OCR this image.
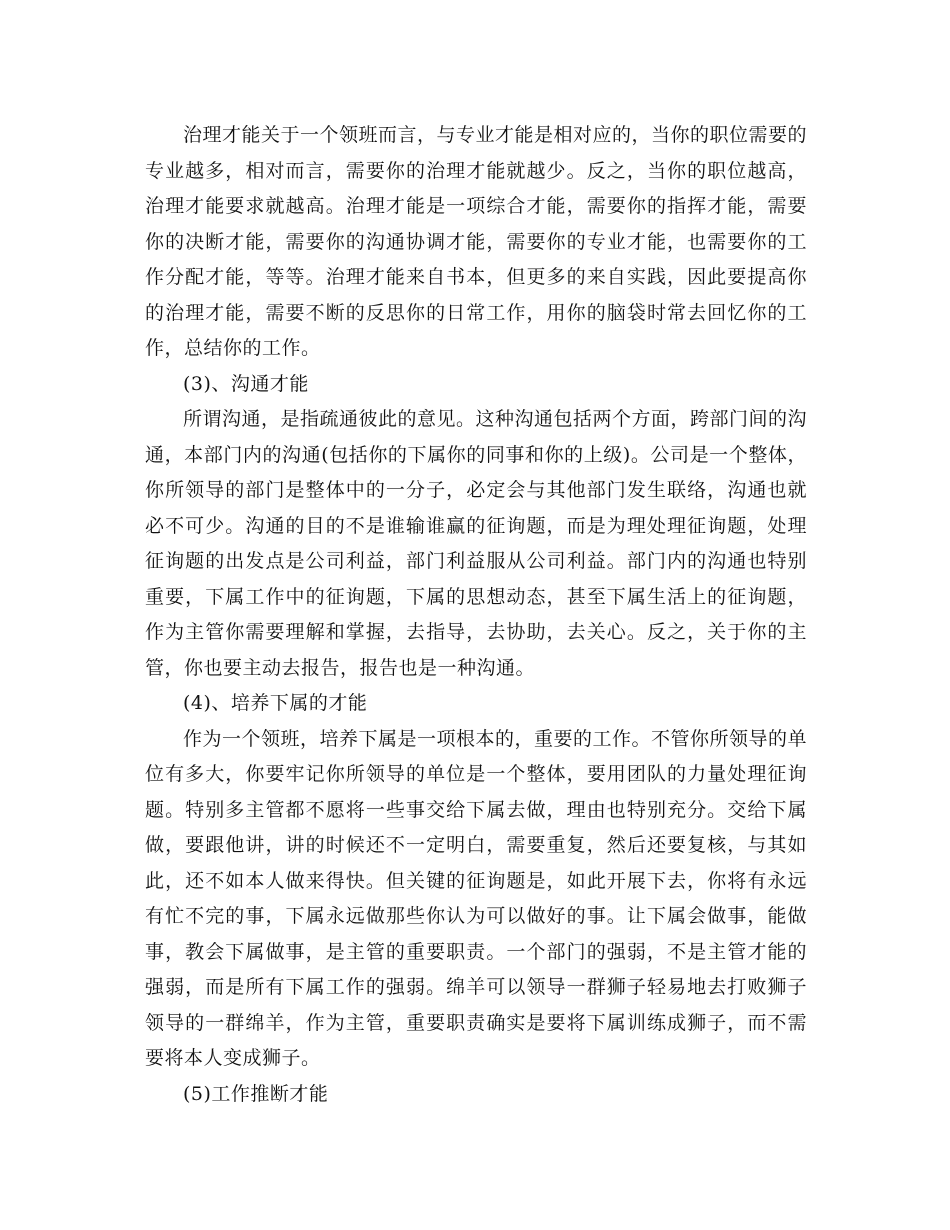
治理才能关于一个领班而言，与专业才能是相对应的，当你的职位需要的专业越多，相对而言，需要你的治理才能就越少。反之，当你的职位越高，治理才能要求就越高。治理才能是一项综合才能，需要你的指挥才能，需要你的决断才能，需要你的沟通协调才能，需要你的专业才能，也需要你的工作分配才能，等等。治理才能来自书本，但更多的来自实践，因此要提高你的治理才能，需要不断的反思你的日常工作，用你的脑袋时常去回忆你的工作，总结你的工作。

(3)、沟通才能

所谓沟通，是指疏通彼此的意见。这种沟通包括两个方面，跨部门间的沟通，本部门内的沟通(包括你的下属你的同事和你的上级)。公司是一个整体，你所领导的部门是整体中的一分子，必定会与其他部门发生联络，沟通也就必不可少。沟通的目的不是谁输谁赢的征询题，而是为理处理征询题，处理征询题的出发点是公司利益，部门利益服从公司利益。部门内的沟通也特别重要，下属工作中的征询题，下属的思想动态，甚至下属生活上的征询题，作为主管你需要理解和掌握，去指导，去协助，去关心。反之，关于你的主管，你也要主动去报告，报告也是一种沟通。

(4)、培养下属的才能

作为一个领班，培养下属是一项根本的，重要的工作。不管你所领导的单位有多大，你要牢记你所领导的单位是一个整体，要用团队的力量处理征询题。特别多主管都不愿将一些事交给下属去做，理由也特别充分。交给下属做，要跟他讲，讲的时候还不一定明白，需要重复，然后还要复核，与其如此，还不如本人做来得快。但关键的征询题是，如此开展下去，你将有永远有忙不完的事，下属永远做那些你认为可以做好的事。让下属会做事，能做事，教会下属做事，是主管的重要职责。一个部门的强弱，不是主管才能的强弱，而是所有下属工作的强弱。绵羊可以领导一群狮子轻易地去打败狮子领导的一群绵羊，作为主管，重要职责确实是要将下属训练成狮子，而不需要将本人变成狮子。

(5)工作推断才能
